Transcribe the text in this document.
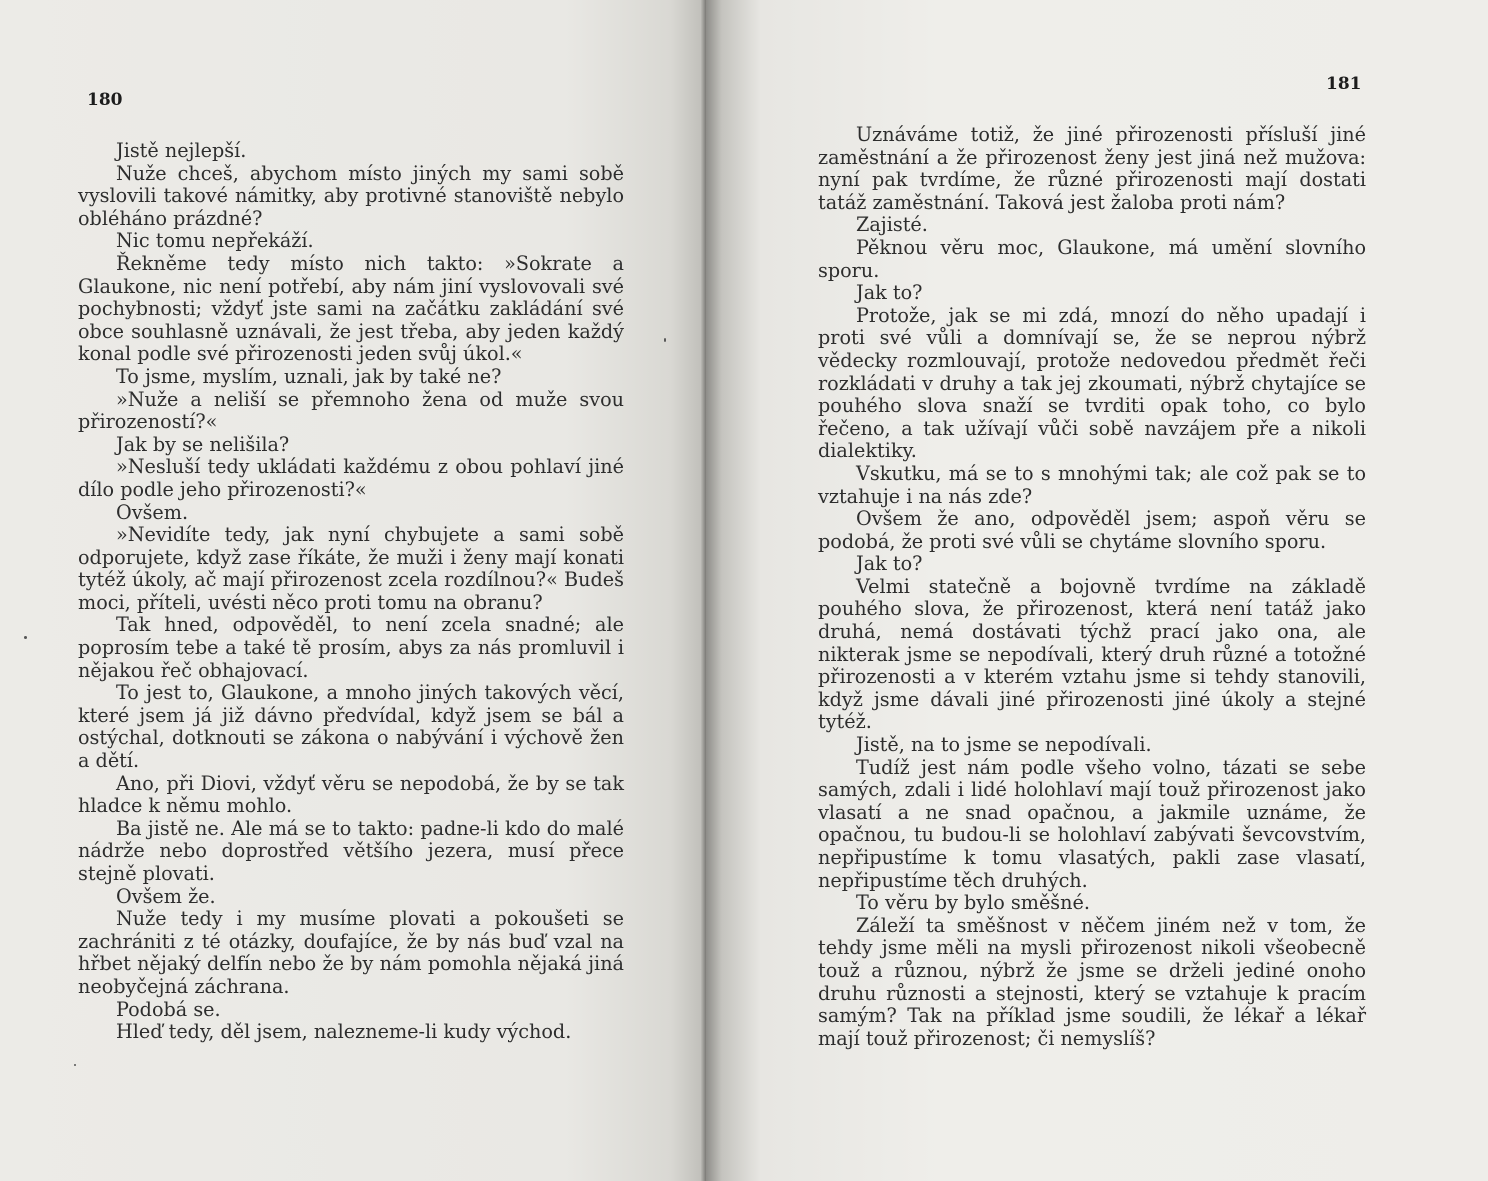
180

Jistě nejlepší.

Nuže chceš, abychom místo jiných my sami sobě vyslovili takové námitky, aby protivné stanoviště nebylo obléháno prázdné?

Nic tomu nepřekáží.

Řekněme tedy místo nich takto: »Sokrate a Glaukone, nic není potřebí, aby nám jiní vyslovovali své pochybnosti; vždyť jste sami na začátku zakládání své obce souhlasně uznávali, že jest třeba, aby jeden každý konal podle své přirozenosti jeden svůj úkol.«

To jsme, myslím, uznali, jak by také ne?

»Nuže a neliší se přemnoho žena od muže svou přirozeností?«

Jak by se nelišila?

»Nesluší tedy ukládati každému z obou pohlaví jiné dílo podle jeho přirozenosti?«

Ovšem.

»Nevidíte tedy, jak nyní chybujete a sami sobě odporujete, když zase říkáte, že muži i ženy mají konati tytéž úkoly, ač mají přirozenost zcela rozdílnou?« Budeš moci, příteli, uvésti něco proti tomu na obranu?

Tak hned, odpověděl, to není zcela snadné; ale poprosím tebe a také tě prosím, abys za nás promluvil i nějakou řeč obhajovací.

To jest to, Glaukone, a mnoho jiných takových věcí, které jsem já již dávno předvídal, když jsem se bál a ostýchal, dotknouti se zákona o nabývání i výchově žen a dětí.

Ano, při Diovi, vždyť věru se nepodobá, že by se tak hladce k němu mohlo.

Ba jistě ne. Ale má se to takto: padne-li kdo do malé nádrže nebo doprostřed většího jezera, musí přece stejně plovati.

Ovšem že.

Nuže tedy i my musíme plovati a pokoušeti se zachrániti z té otázky, doufajíce, že by nás buď vzal na hřbet nějaký delfín nebo že by nám pomohla nějaká jiná neobyčejná záchrana.

Podobá se.

Hleď tedy, děl jsem, nalezneme-li kudy východ.

181

Uznáváme totiž, že jiné přirozenosti přísluší jiné zaměstnání a že přirozenost ženy jest jiná než mužova: nyní pak tvrdíme, že různé přirozenosti mají dostati tatáž zaměstnání. Taková jest žaloba proti nám?

Zajisté.

Pěknou věru moc, Glaukone, má umění slovního sporu.

Jak to?

Protože, jak se mi zdá, mnozí do něho upadají i proti své vůli a domnívají se, že se neprou nýbrž vědecky rozmlouvají, protože nedovedou předmět řeči rozkládati v druhy a tak jej zkoumati, nýbrž chytajíce se pouhého slova snaží se tvrditi opak toho, co bylo řečeno, a tak užívají vůči sobě navzájem pře a nikoli dialektiky.

Vskutku, má se to s mnohými tak; ale což pak se to vztahuje i na nás zde?

Ovšem že ano, odpověděl jsem; aspoň věru se podobá, že proti své vůli se chytáme slovního sporu.

Jak to?

Velmi statečně a bojovně tvrdíme na základě pouhého slova, že přirozenost, která není tatáž jako druhá, nemá dostávati týchž prací jako ona, ale nikterak jsme se nepodívali, který druh různé a totožné přirozenosti a v kterém vztahu jsme si tehdy stanovili, když jsme dávali jiné přirozenosti jiné úkoly a stejné tytéž.

Jistě, na to jsme se nepodívali.

Tudíž jest nám podle všeho volno, tázati se sebe samých, zdali i lidé holohlaví mají touž přirozenost jako vlasatí a ne snad opačnou, a jakmile uznáme, že opačnou, tu budou-li se holohlaví zabývati ševcovstvím, nepřipustíme k tomu vlasatých, pakli zase vlasatí, nepřipustíme těch druhých.

To věru by bylo směšné.

Záleží ta směšnost v něčem jiném než v tom, že tehdy jsme měli na mysli přirozenost nikoli všeobecně touž a různou, nýbrž že jsme se drželi jediné onoho druhu různosti a stejnosti, který se vztahuje k pracím samým? Tak na příklad jsme soudili, že lékař a lékař mají touž přirozenost; či nemyslíš?
